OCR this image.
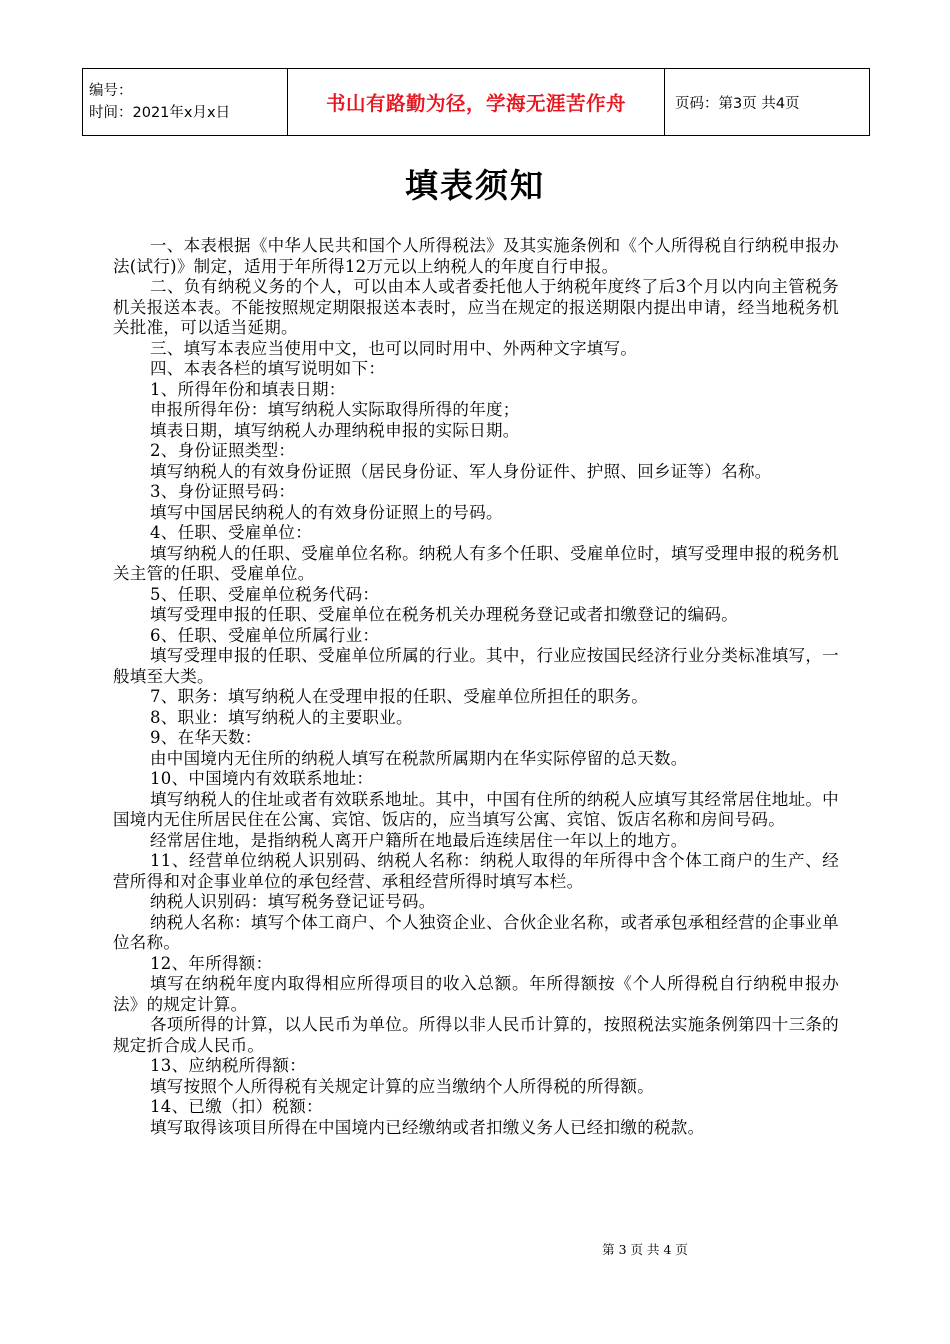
编号：
时间：2021年x月x日	书山有路勤为径，学海无涯苦作舟	页码：第3页 共4页
填表须知

一、本表根据《中华人民共和国个人所得税法》及其实施条例和《个人所得税自行纳税申报办法(试行)》制定，适用于年所得12万元以上纳税人的年度自行申报。

二、负有纳税义务的个人，可以由本人或者委托他人于纳税年度终了后3个月以内向主管税务机关报送本表。不能按照规定期限报送本表时，应当在规定的报送期限内提出申请，经当地税务机关批准，可以适当延期。

三、填写本表应当使用中文，也可以同时用中、外两种文字填写。

四、本表各栏的填写说明如下：

1、所得年份和填表日期：

申报所得年份：填写纳税人实际取得所得的年度；

填表日期，填写纳税人办理纳税申报的实际日期。

2、身份证照类型：

填写纳税人的有效身份证照（居民身份证、军人身份证件、护照、回乡证等）名称。

3、身份证照号码：

填写中国居民纳税人的有效身份证照上的号码。

4、任职、受雇单位：

填写纳税人的任职、受雇单位名称。纳税人有多个任职、受雇单位时，填写受理申报的税务机关主管的任职、受雇单位。

5、任职、受雇单位税务代码：

填写受理申报的任职、受雇单位在税务机关办理税务登记或者扣缴登记的编码。

6、任职、受雇单位所属行业：

填写受理申报的任职、受雇单位所属的行业。其中，行业应按国民经济行业分类标准填写，一般填至大类。

7、职务：填写纳税人在受理申报的任职、受雇单位所担任的职务。

8、职业：填写纳税人的主要职业。

9、在华天数：

由中国境内无住所的纳税人填写在税款所属期内在华实际停留的总天数。

10、中国境内有效联系地址：

填写纳税人的住址或者有效联系地址。其中，中国有住所的纳税人应填写其经常居住地址。中国境内无住所居民住在公寓、宾馆、饭店的，应当填写公寓、宾馆、饭店名称和房间号码。

经常居住地，是指纳税人离开户籍所在地最后连续居住一年以上的地方。

11、经营单位纳税人识别码、纳税人名称：纳税人取得的年所得中含个体工商户的生产、经营所得和对企事业单位的承包经营、承租经营所得时填写本栏。

纳税人识别码：填写税务登记证号码。

纳税人名称：填写个体工商户、个人独资企业、合伙企业名称，或者承包承租经营的企事业单位名称。

12、年所得额：

填写在纳税年度内取得相应所得项目的收入总额。年所得额按《个人所得税自行纳税申报办法》的规定计算。

各项所得的计算，以人民币为单位。所得以非人民币计算的，按照税法实施条例第四十三条的规定折合成人民币。

13、应纳税所得额：

填写按照个人所得税有关规定计算的应当缴纳个人所得税的所得额。

14、已缴（扣）税额：

填写取得该项目所得在中国境内已经缴纳或者扣缴义务人已经扣缴的税款。

第 3 页 共 4 页
